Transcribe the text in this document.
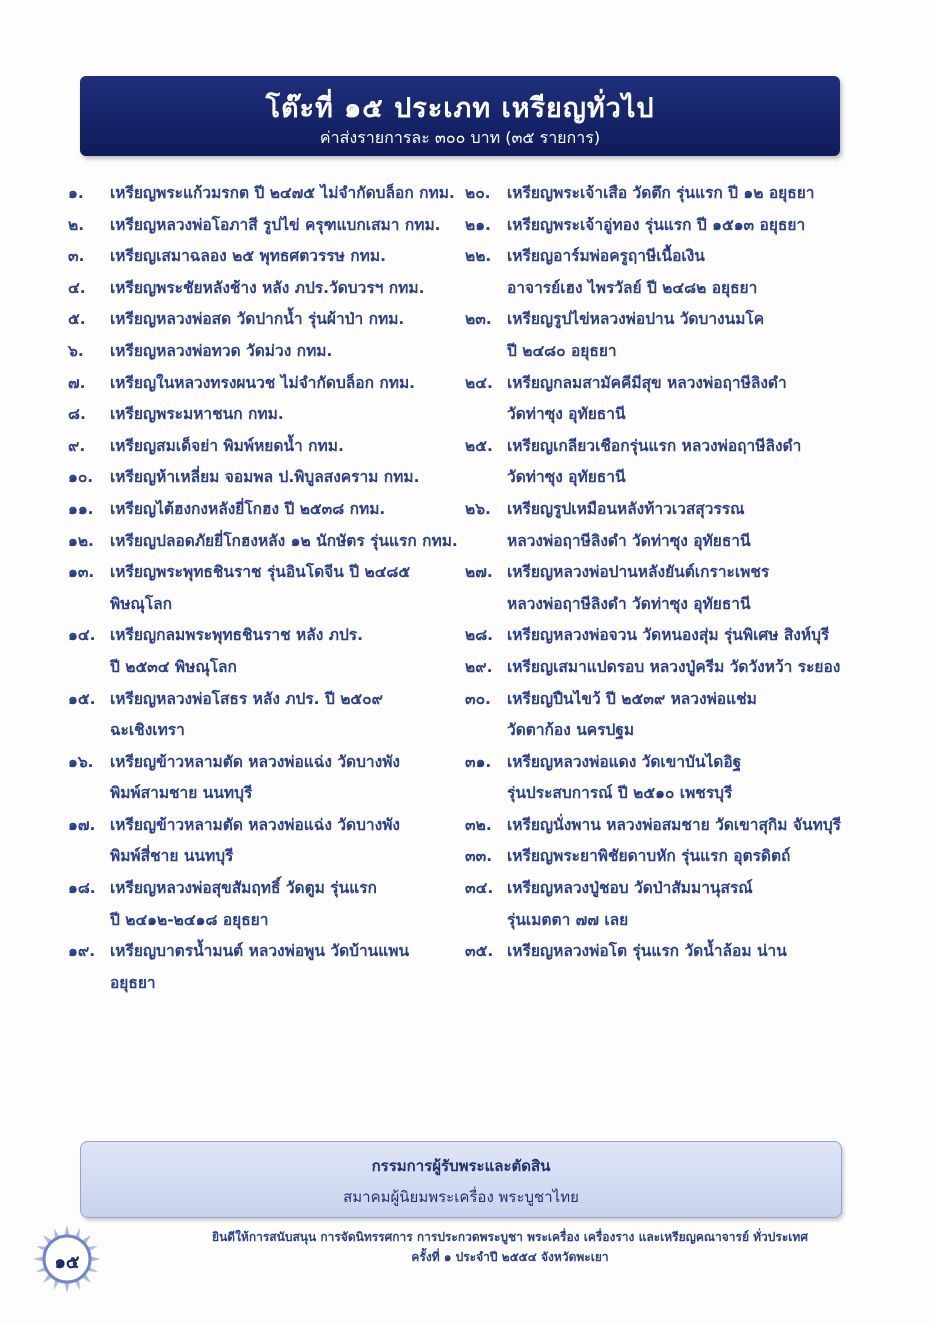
โต๊ะที่ ๑๕ ประเภท เหรียญทั่วไป
ค่าส่งรายการละ ๓๐๐ บาท (๓๕ รายการ)
๑.	เหรียญพระแก้วมรกต ปี ๒๔๗๕ ไม่จำกัดบล็อก กทม.
๒.	เหรียญหลวงพ่อโอภาสี รูปไข่ ครุฑแบกเสมา กทม.
๓.	เหรียญเสมาฉลอง ๒๕ พุทธศตวรรษ กทม.
๔.	เหรียญพระชัยหลังช้าง หลัง ภปร.วัดบวรฯ กทม.
๕.	เหรียญหลวงพ่อสด วัดปากน้ำ รุ่นผ้าป่า กทม.
๖.	เหรียญหลวงพ่อทวด วัดม่วง กทม.
๗.	เหรียญในหลวงทรงผนวช ไม่จำกัดบล็อก กทม.
๘.	เหรียญพระมหาชนก กทม.
๙.	เหรียญสมเด็จย่า พิมพ์หยดน้ำ กทม.
๑๐.	เหรียญห้าเหลี่ยม จอมพล ป.พิบูลสงคราม กทม.
๑๑.	เหรียญไต้ฮงกงหลังยี่โกฮง ปี ๒๕๓๘ กทม.
๑๒.	เหรียญปลอดภัยยี่โกฮงหลัง ๑๒ นักษัตร รุ่นแรก กทม.
๑๓.	เหรียญพระพุทธชินราช รุ่นอินโดจีน ปี ๒๔๘๕
พิษณุโลก
๑๔. เหรียญกลมพระพุทธชินราช หลัง ภปร.
ปี ๒๕๓๔ พิษณุโลก
๑๕. เหรียญหลวงพ่อโสธร หลัง ภปร. ปี ๒๕๐๙
ฉะเชิงเทรา
๑๖.	เหรียญข้าวหลามตัด หลวงพ่อแฉ่ง วัดบางพัง
พิมพ์สามชาย นนทบุรี
๑๗. เหรียญข้าวหลามตัด หลวงพ่อแฉ่ง วัดบางพัง
พิมพ์สี่ชาย นนทบุรี
๑๘. เหรียญหลวงพ่อสุขสัมฤทธิ์ วัดตูม รุ่นแรก
ปี ๒๔๑๒-๒๔๑๘ อยุธยา
๑๙. เหรียญบาตรน้ำมนต์ หลวงพ่อพูน วัดบ้านแพน
อยุธยา
๒๐.	เหรียญพระเจ้าเสือ วัดตึก รุ่นแรก ปี ๑๒ อยุธยา
๒๑.	เหรียญพระเจ้าอู่ทอง รุ่นแรก ปี ๑๕๑๓ อยุธยา
๒๒.	เหรียญอาร์มพ่อครูฤาษีเนื้อเงิน
อาจารย์เฮง ไพรวัลย์ ปี ๒๔๘๒ อยุธยา
๒๓. เหรียญรูปไข่หลวงพ่อปาน วัดบางนมโค
ปี ๒๔๘๐ อยุธยา
๒๔. เหรียญกลมสามัคคีมีสุข หลวงพ่อฤาษีลิงดำ
วัดท่าซุง อุทัยธานี
๒๕. เหรียญเกลียวเชือกรุ่นแรก หลวงพ่อฤาษีลิงดำ
วัดท่าซุง อุทัยธานี
๒๖.	เหรียญรูปเหมือนหลังท้าวเวสสุวรรณ
หลวงพ่อฤาษีลิงดำ วัดท่าซุง อุทัยธานี
๒๗. เหรียญหลวงพ่อปานหลังยันต์เกราะเพชร
หลวงพ่อฤาษีลิงดำ วัดท่าซุง อุทัยธานี
๒๘. เหรียญหลวงพ่อจวน วัดหนองสุ่ม รุ่นพิเศษ สิงห์บุรี
๒๙. เหรียญเสมาแปดรอบ หลวงปู่ครีม วัดวังหว้า ระยอง
๓๐.	เหรียญปืนไขว้ ปี ๒๕๓๙ หลวงพ่อแช่ม
วัดตาก้อง นครปฐม
๓๑.	เหรียญหลวงพ่อแดง วัดเขาบันไดอิฐ
รุ่นประสบการณ์ ปี ๒๕๑๐ เพชรบุรี
๓๒. เหรียญนั่งพาน หลวงพ่อสมชาย วัดเขาสุกิม จันทบุรี
๓๓. เหรียญพระยาพิชัยดาบหัก รุ่นแรก อุตรดิตถ์
๓๔. เหรียญหลวงปู่ชอบ วัดป่าสัมมานุสรณ์
รุ่นเมตตา ๗๗ เลย
๓๕. เหรียญหลวงพ่อโต รุ่นแรก วัดน้ำล้อม น่าน
กรรมการผู้รับพระและตัดสิน
สมาคมผู้นิยมพระเครื่อง พระบูชาไทย
ยินดีให้การสนับสนุน การจัดนิทรรศการ การประกวดพระบูชา พระเครื่อง เครื่องราง และเหรียญคณาจารย์ ทั่วประเทศ
ครั้งที่ ๑ ประจำปี ๒๕๕๔ จังหวัดพะเยา
๑๕
